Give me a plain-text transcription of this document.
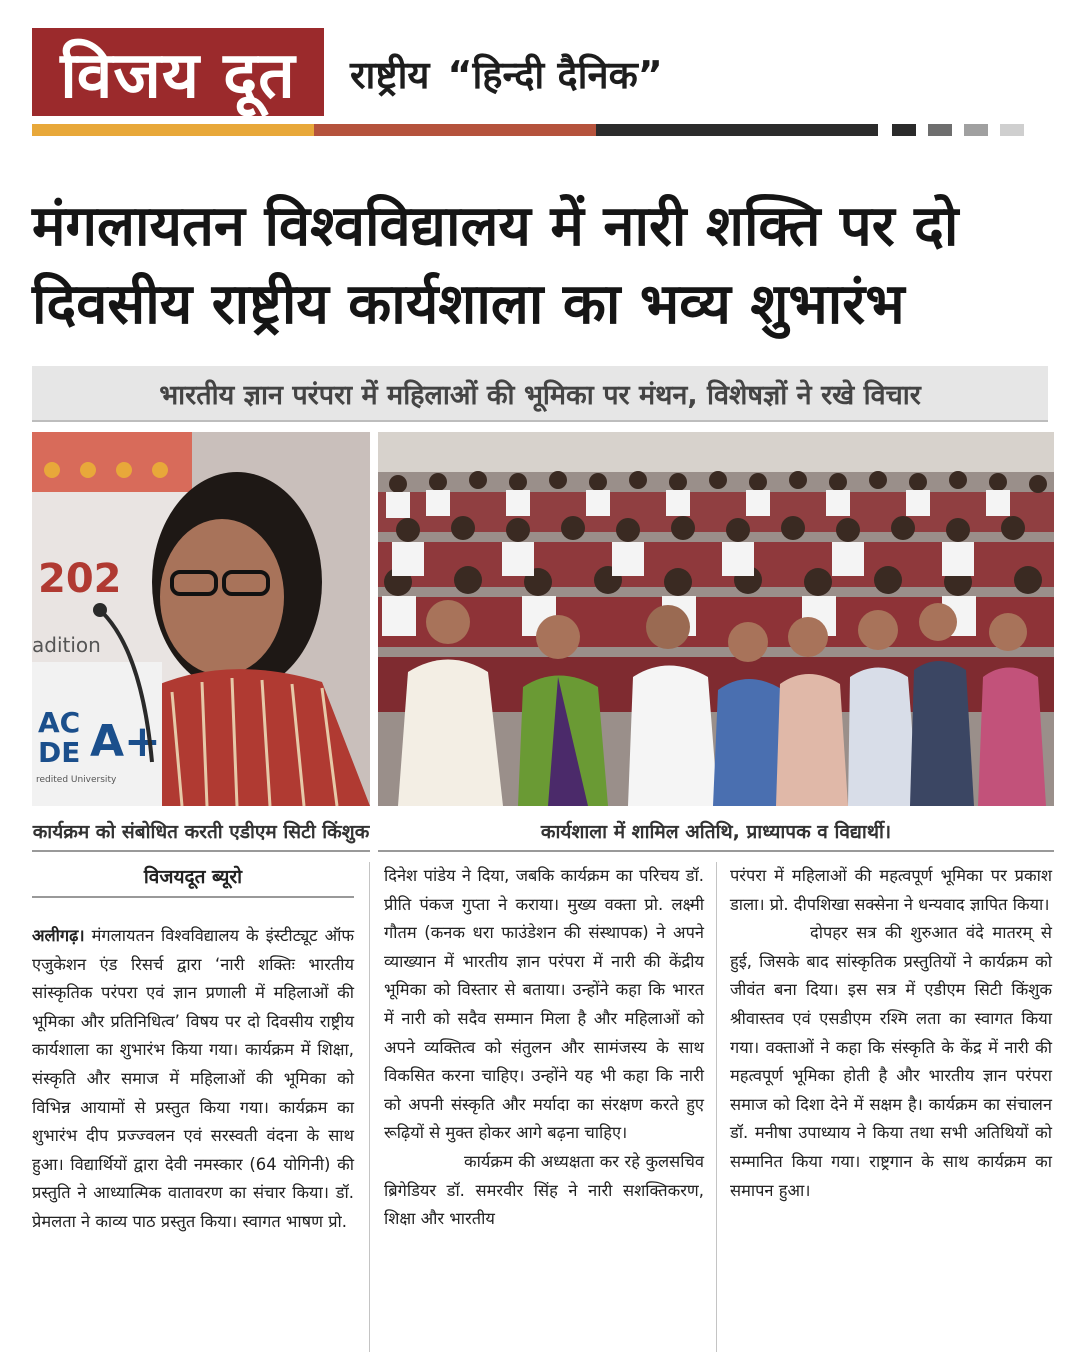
विजय दूत राष्ट्रीय “हिन्दी दैनिक”
मंगलायतन विश्वविद्यालय में नारी शक्ति पर दो
दिवसीय राष्ट्रीय कार्यशाला का भव्य शुभारंभ
भारतीय ज्ञान परंपरा में महिलाओं की भूमिका पर मंथन, विशेषज्ञों ने रखे विचार
202
adition
AC
DE A+
redited University
कार्यक्रम को संबोधित करती एडीएम सिटी किंशुक	कार्यशाला में शामिल अतिथि, प्राध्यापक व विद्यार्थी।
विजयदूत ब्यूरो

अलीगढ़। मंगलायतन विश्वविद्यालय के इंस्टीट्यूट ऑफ एजुकेशन एंड रिसर्च द्वारा ‘नारी शक्तिः भारतीय सांस्कृतिक परंपरा एवं ज्ञान प्रणाली में महिलाओं की भूमिका और प्रतिनिधित्व’ विषय पर दो दिवसीय राष्ट्रीय कार्यशाला का शुभारंभ किया गया। कार्यक्रम में शिक्षा, संस्कृति और समाज में महिलाओं की भूमिका को विभिन्न आयामों से प्रस्तुत किया गया। कार्यक्रम का शुभारंभ दीप प्रज्ज्वलन एवं सरस्वती वंदना के साथ हुआ। विद्यार्थियों द्वारा देवी नमस्कार (64 योगिनी) की प्रस्तुति ने आध्यात्मिक वातावरण का संचार किया। डॉ. प्रेमलता ने काव्य पाठ प्रस्तुत किया। स्वागत भाषण प्रो.

दिनेश पांडेय ने दिया, जबकि कार्यक्रम का परिचय डॉ. प्रीति पंकज गुप्ता ने कराया। मुख्य वक्ता प्रो. लक्ष्मी गौतम (कनक धरा फाउंडेशन की संस्थापक) ने अपने व्याख्यान में भारतीय ज्ञान परंपरा में नारी की केंद्रीय भूमिका को विस्तार से बताया। उन्होंने कहा कि भारत में नारी को सदैव सम्मान मिला है और महिलाओं को अपने व्यक्तित्व को संतुलन और सामंजस्य के साथ विकसित करना चाहिए। उन्होंने यह भी कहा कि नारी को अपनी संस्कृति और मर्यादा का संरक्षण करते हुए रूढ़ियों से मुक्त होकर आगे बढ़ना चाहिए।

कार्यक्रम की अध्यक्षता कर रहे कुलसचिव ब्रिगेडियर डॉ. समरवीर सिंह ने नारी सशक्तिकरण, शिक्षा और भारतीय

परंपरा में महिलाओं की महत्वपूर्ण भूमिका पर प्रकाश डाला। प्रो. दीपशिखा सक्सेना ने धन्यवाद ज्ञापित किया।

दोपहर सत्र की शुरुआत वंदे मातरम् से हुई, जिसके बाद सांस्कृतिक प्रस्तुतियों ने कार्यक्रम को जीवंत बना दिया। इस सत्र में एडीएम सिटी किंशुक श्रीवास्तव एवं एसडीएम रश्मि लता का स्वागत किया गया। वक्ताओं ने कहा कि संस्कृति के केंद्र में नारी की महत्वपूर्ण भूमिका होती है और भारतीय ज्ञान परंपरा समाज को दिशा देने में सक्षम है। कार्यक्रम का संचालन डॉ. मनीषा उपाध्याय ने किया तथा सभी अतिथियों को सम्मानित किया गया। राष्ट्रगान के साथ कार्यक्रम का समापन हुआ।
